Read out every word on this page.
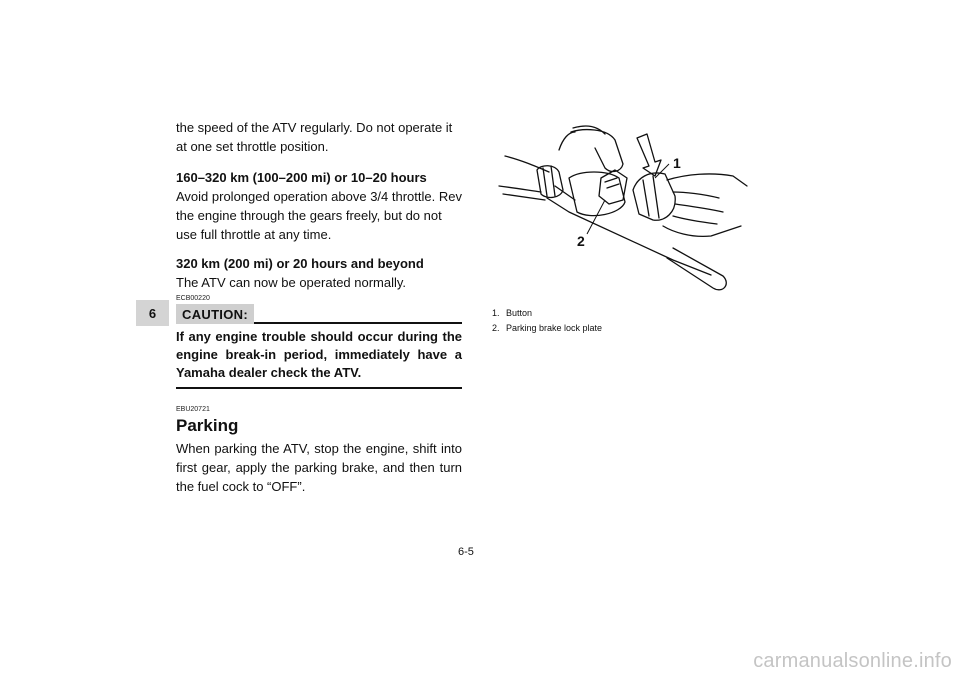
6

the speed of the ATV regularly. Do not operate it at one set throttle position.

160–320 km (100–200 mi) or 10–20 hours
Avoid prolonged operation above 3/4 throttle. Rev the engine through the gears freely, but do not use full throttle at any time.

320 km (200 mi) or 20 hours and beyond
The ATV can now be operated normally.

ECB00220
CAUTION:

If any engine trouble should occur during the engine break-in period, immediately have a Yamaha dealer check the ATV.

EBU20721
Parking

When parking the ATV, stop the engine, shift into first gear, apply the parking brake, and then turn the fuel cock to “OFF”.

1
2
1. Button
2. Parking brake lock plate
6-5
carmanualsonline.info
